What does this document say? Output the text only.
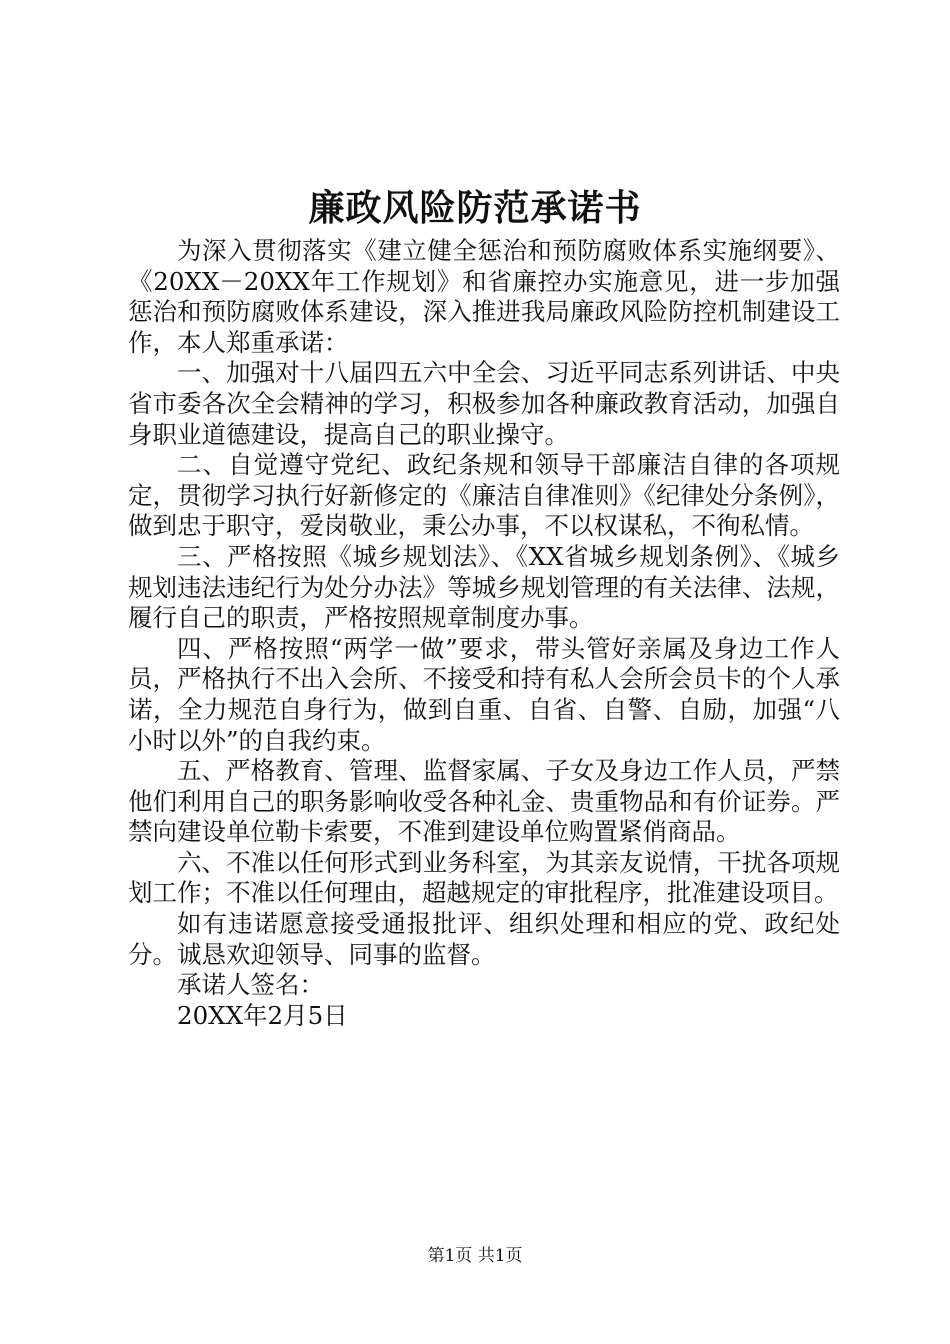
廉政风险防范承诺书

为深入贯彻落实《建立健全惩治和预防腐败体系实施纲要》、《20XX－20XX年工作规划》和省廉控办实施意见，进一步加强惩治和预防腐败体系建设，深入推进我局廉政风险防控机制建设工作，本人郑重承诺：

一、加强对十八届四五六中全会、习近平同志系列讲话、中央省市委各次全会精神的学习，积极参加各种廉政教育活动，加强自身职业道德建设，提高自己的职业操守。

二、自觉遵守党纪、政纪条规和领导干部廉洁自律的各项规定，贯彻学习执行好新修定的《廉洁自律准则》《纪律处分条例》，做到忠于职守，爱岗敬业，秉公办事，不以权谋私，不徇私情。

三、严格按照《城乡规划法》、《XX省城乡规划条例》、《城乡规划违法违纪行为处分办法》等城乡规划管理的有关法律、法规，履行自己的职责，严格按照规章制度办事。

四、严格按照“两学一做”要求，带头管好亲属及身边工作人员，严格执行不出入会所、不接受和持有私人会所会员卡的个人承诺，全力规范自身行为，做到自重、自省、自警、自励，加强“八小时以外”的自我约束。

五、严格教育、管理、监督家属、子女及身边工作人员，严禁他们利用自己的职务影响收受各种礼金、贵重物品和有价证券。严禁向建设单位勒卡索要，不准到建设单位购置紧俏商品。

六、不准以任何形式到业务科室，为其亲友说情，干扰各项规划工作；不准以任何理由，超越规定的审批程序，批准建设项目。

如有违诺愿意接受通报批评、组织处理和相应的党、政纪处分。诚恳欢迎领导、同事的监督。

承诺人签名：

20XX年2月5日

第1页 共1页
